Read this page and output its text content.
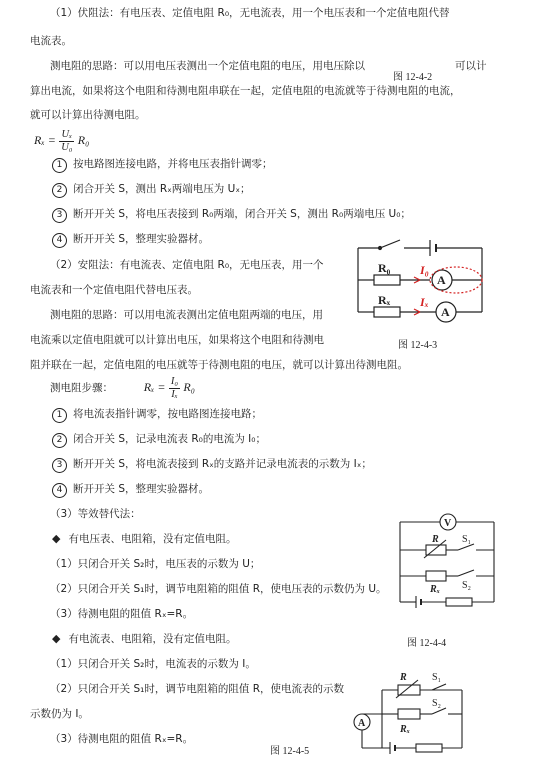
（1）伏阻法：有电压表、定值电阻 R₀，无电流表，用一个电压表和一个定值电阻代替
电流表。
测电阻的思路：可以用电压表测出一个定值电阻的电压，用电压除以
图 12-4-2
可以计
算出电流，如果将这个电阻和待测电阻串联在一起，定值电阻的电流就等于待测电阻的电流，
就可以计算出待测电阻。
$R_x = \frac{\text{Uₓ}}{\text{U₀}} R_0$
1 按电路图连接电路，并将电压表指针调零；
2 闭合开关 S，测出 Rₓ两端电压为 Uₓ；
3 断开开关 S，将电压表接到 R₀两端，闭合开关 S，测出 R₀两端电压 U₀；
4 断开开关 S，整理实验器材。
（2）安阻法：有电流表、定值电阻 R₀，无电压表，用一个
电流表和一个定值电阻代替电压表。
测电阻的思路：可以用电流表测出定值电阻两端的电压，用
电流乘以定值电阻就可以计算出电压，如果将这个电阻和待测电	图 12-4-3
阻并联在一起，定值电阻的电压就等于待测电阻的电压，就可以计算出待测电阻。
测电阻步骤：	$R_x = \frac{\text{I₀}}{\text{Iₓ}} R_0$
1 将电流表指针调零，按电路图连接电路；
2 闭合开关 S，记录电流表 R₀的电流为 I₀；
3 断开开关 S，将电流表接到 Rₓ的支路并记录电流表的示数为 Iₓ；
4 断开开关 S，整理实验器材。
（3）等效替代法：
◆ 有电压表、电阻箱，没有定值电阻。
（1）只闭合开关 S₂时，电压表的示数为 U；
（2）只闭合开关 S₁时，调节电阻箱的阻值 R，使电压表的示数仍为 U。
（3）待测电阻的阻值 Rₓ=R。
◆ 有电流表、电阻箱，没有定值电阻。	图 12-4-4
（1）只闭合开关 S₂时，电流表的示数为 I。
（2）只闭合开关 S₁时，调节电阻箱的阻值 R，使电流表的示数
示数仍为 I。
（3）待测电阻的阻值 Rₓ=R。
图 12-4-5
R₀
Rₓ
I₀
Iₓ
A
A
V
R
Rₓ
S₁
S₂
R
Rₓ
S₁
S₂
A
